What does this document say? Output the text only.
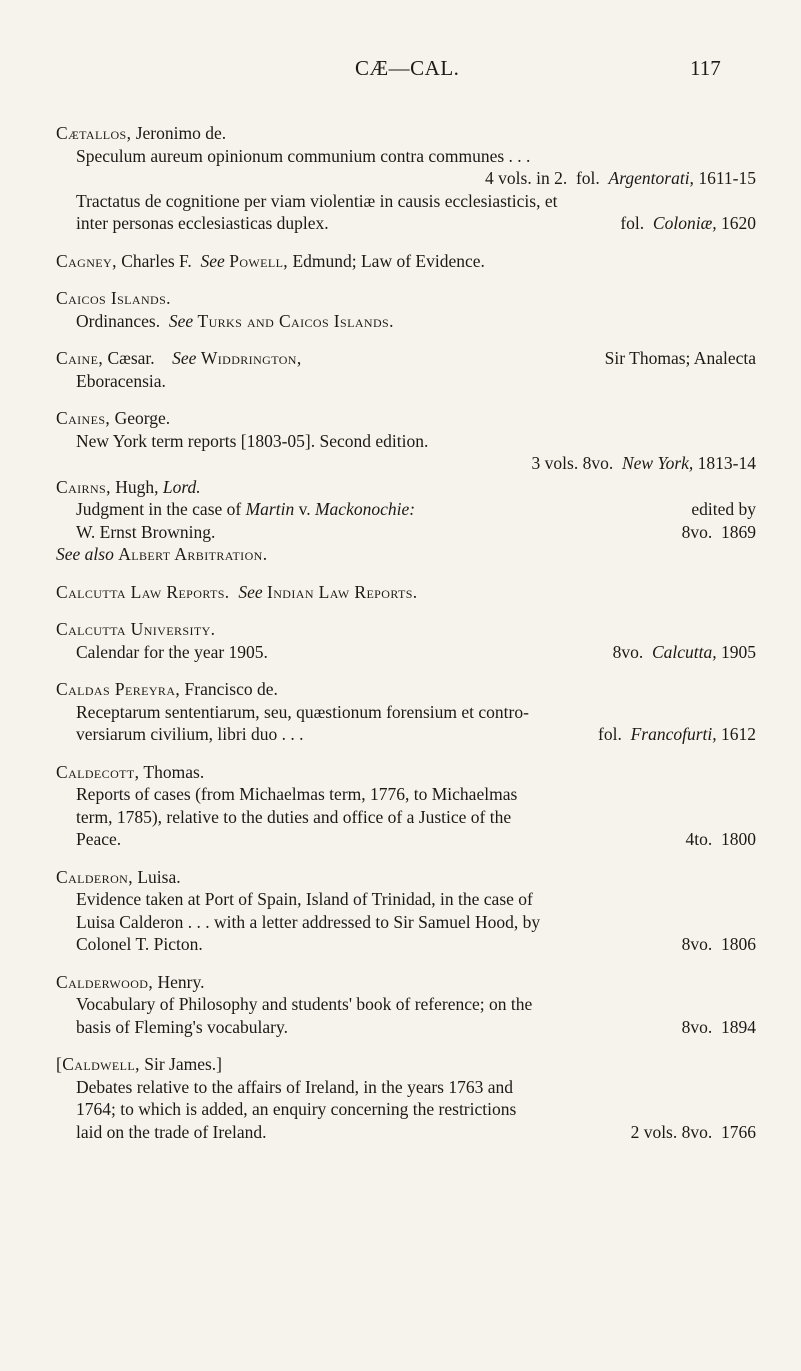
CÆ—CAL.	117
Cætallos, Jeronimo de.
Speculum aureum opinionum communium contra communes . . .
4 vols. in 2. fol. Argentorati, 1611-15
Tractatus de cognitione per viam violentiæ in causis ecclesiasticis, et
inter personas ecclesiasticas duplex.	fol. Coloniæ, 1620
Cagney, Charles F. See Powell, Edmund; Law of Evidence.
Caicos Islands.
Ordinances. See Turks and Caicos Islands.
Caine, Cæsar. See Widdrington,	Sir Thomas; Analecta
Eboracensia.
Caines, George.
New York term reports [1803-05]. Second edition.
3 vols. 8vo. New York, 1813-14
Cairns, Hugh, Lord.
Judgment in the case of Martin v. Mackonochie:	edited by
W. Ernst Browning.	8vo. 1869
See also Albert Arbitration.
Calcutta Law Reports. See Indian Law Reports.
Calcutta University.
Calendar for the year 1905.	8vo. Calcutta, 1905
Caldas Pereyra, Francisco de.
Receptarum sententiarum, seu, quæstionum forensium et contro-
versiarum civilium, libri duo . . .	fol. Francofurti, 1612
Caldecott, Thomas.
Reports of cases (from Michaelmas term, 1776, to Michaelmas
term, 1785), relative to the duties and office of a Justice of the
Peace.	4to. 1800
Calderon, Luisa.
Evidence taken at Port of Spain, Island of Trinidad, in the case of
Luisa Calderon . . . with a letter addressed to Sir Samuel Hood, by
Colonel T. Picton.	8vo. 1806
Calderwood, Henry.
Vocabulary of Philosophy and students' book of reference; on the
basis of Fleming's vocabulary.	8vo. 1894
[Caldwell, Sir James.]
Debates relative to the affairs of Ireland, in the years 1763 and
1764; to which is added, an enquiry concerning the restrictions
laid on the trade of Ireland.	2 vols. 8vo. 1766
